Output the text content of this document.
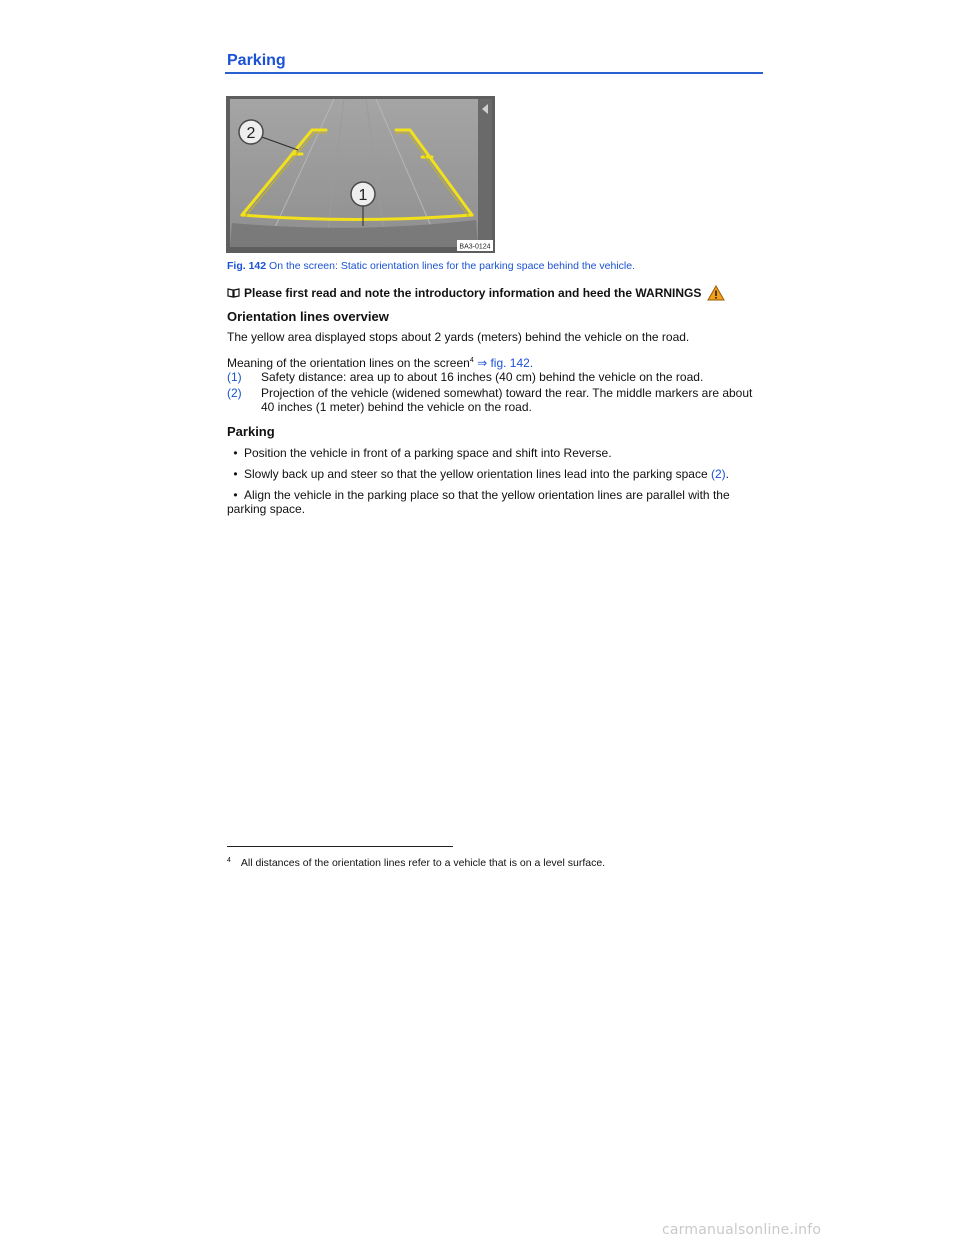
Parking
2
1
BA3-0124
Fig. 142 On the screen: Static orientation lines for the parking space behind the vehicle.
Please first read and note the introductory information and heed the WARNINGS
Orientation lines overview
The yellow area displayed stops about 2 yards (meters) behind the vehicle on the road.
Meaning of the orientation lines on the screen$^4$ ⇒ fig. 142.
(1)	Safety distance: area up to about 16 inches (40 cm) behind the vehicle on the road.
(2)	Projection of the vehicle (widened somewhat) toward the rear. The middle markers are about 40 inches (1 meter) behind the vehicle on the road.
Parking
• Position the vehicle in front of a parking space and shift into Reverse.
• Slowly back up and steer so that the yellow orientation lines lead into the parking space (2).
• Align the vehicle in the parking place so that the yellow orientation lines are parallel with the parking space.
4 All distances of the orientation lines refer to a vehicle that is on a level surface.
carmanualsonline.info
